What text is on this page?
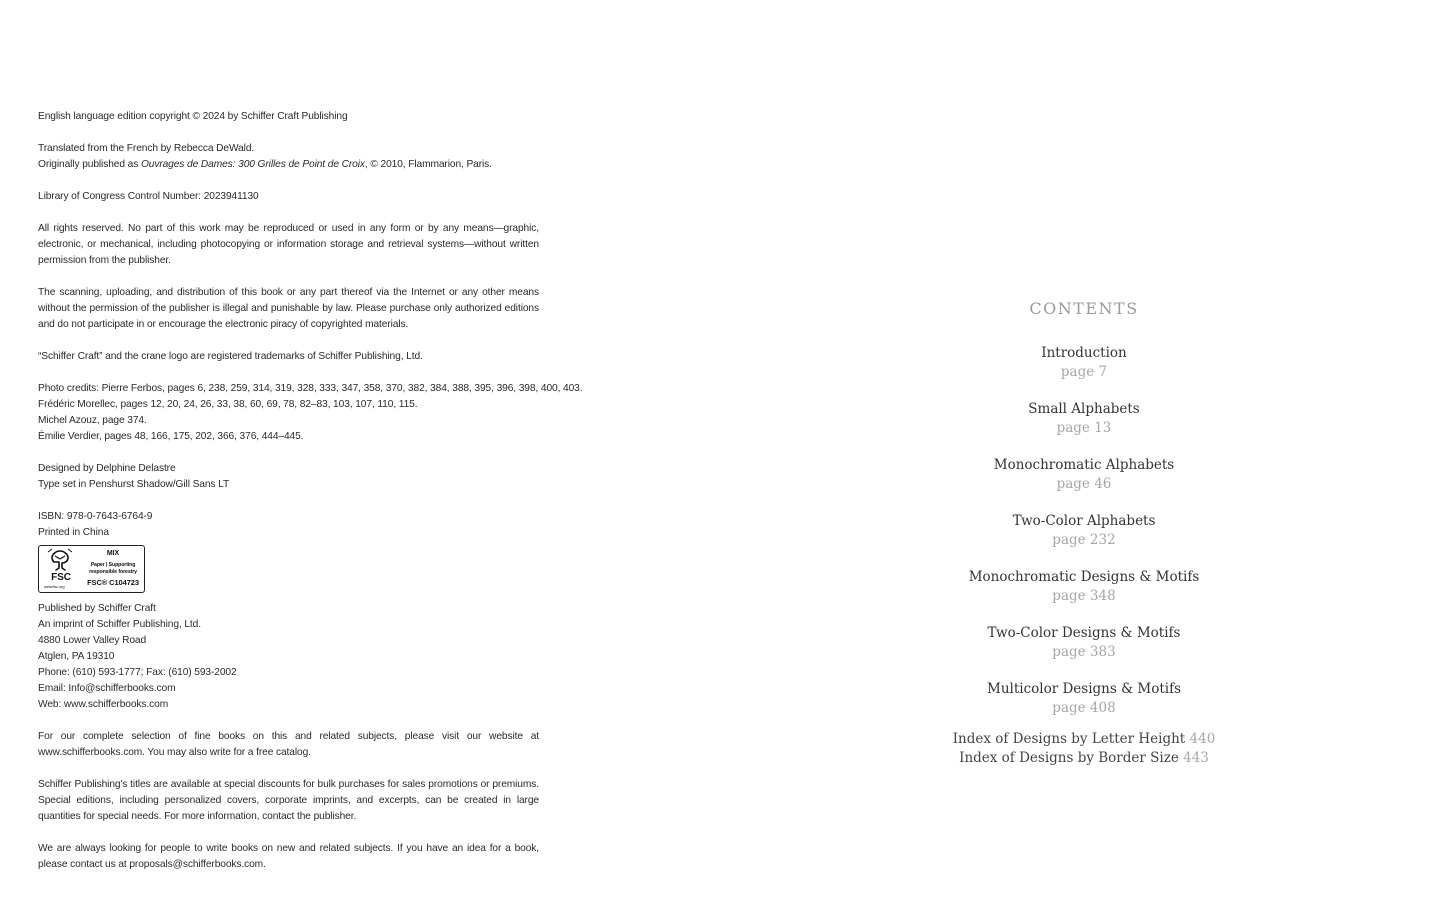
English language edition copyright © 2024 by Schiffer Craft Publishing

Translated from the French by Rebecca DeWald.
Originally published as Ouvrages de Dames: 300 Grilles de Point de Croix, © 2010, Flammarion, Paris.

Library of Congress Control Number: 2023941130

All rights reserved. No part of this work may be reproduced or used in any form or by any means—graphic, electronic, or mechanical, including photocopying or information storage and retrieval systems—without written permission from the publisher.

The scanning, uploading, and distribution of this book or any part thereof via the Internet or any other means without the permission of the publisher is illegal and punishable by law. Please purchase only authorized editions and do not participate in or encourage the electronic piracy of copyrighted materials.

“Schiffer Craft” and the crane logo are registered trademarks of Schiffer Publishing, Ltd.

Photo credits: Pierre Ferbos, pages 6, 238, 259, 314, 319, 328, 333, 347, 358, 370, 382, 384, 388, 395, 396, 398, 400, 403.
Frédéric Morellec, pages 12, 20, 24, 26, 33, 38, 60, 69, 78, 82–83, 103, 107, 110, 115.
Michel Azouz, page 374.
Émilie Verdier, pages 48, 166, 175, 202, 366, 376, 444–445.

Designed by Delphine Delastre
Type set in Penshurst Shadow/Gill Sans LT

ISBN: 978-0-7643-6764-9
Printed in China

FSC
www.fsc.org
MIX
Paper | Supporting
responsible forestry
FSC® C104723

Published by Schiffer Craft
An imprint of Schiffer Publishing, Ltd.
4880 Lower Valley Road
Atglen, PA 19310
Phone: (610) 593-1777; Fax: (610) 593-2002
Email: Info@schifferbooks.com
Web: www.schifferbooks.com

For our complete selection of fine books on this and related subjects, please visit our website at www.schifferbooks.com. You may also write for a free catalog.

Schiffer Publishing's titles are available at special discounts for bulk purchases for sales promotions or premiums. Special editions, including personalized covers, corporate imprints, and excerpts, can be created in large quantities for special needs. For more information, contact the publisher.

We are always looking for people to write books on new and related subjects. If you have an idea for a book, please contact us at proposals@schifferbooks.com.

CONTENTS
Introduction
page 7
Small Alphabets
page 13
Monochromatic Alphabets
page 46
Two-Color Alphabets
page 232
Monochromatic Designs & Motifs
page 348
Two-Color Designs & Motifs
page 383
Multicolor Designs & Motifs
page 408
Index of Designs by Letter Height 440
Index of Designs by Border Size 443
